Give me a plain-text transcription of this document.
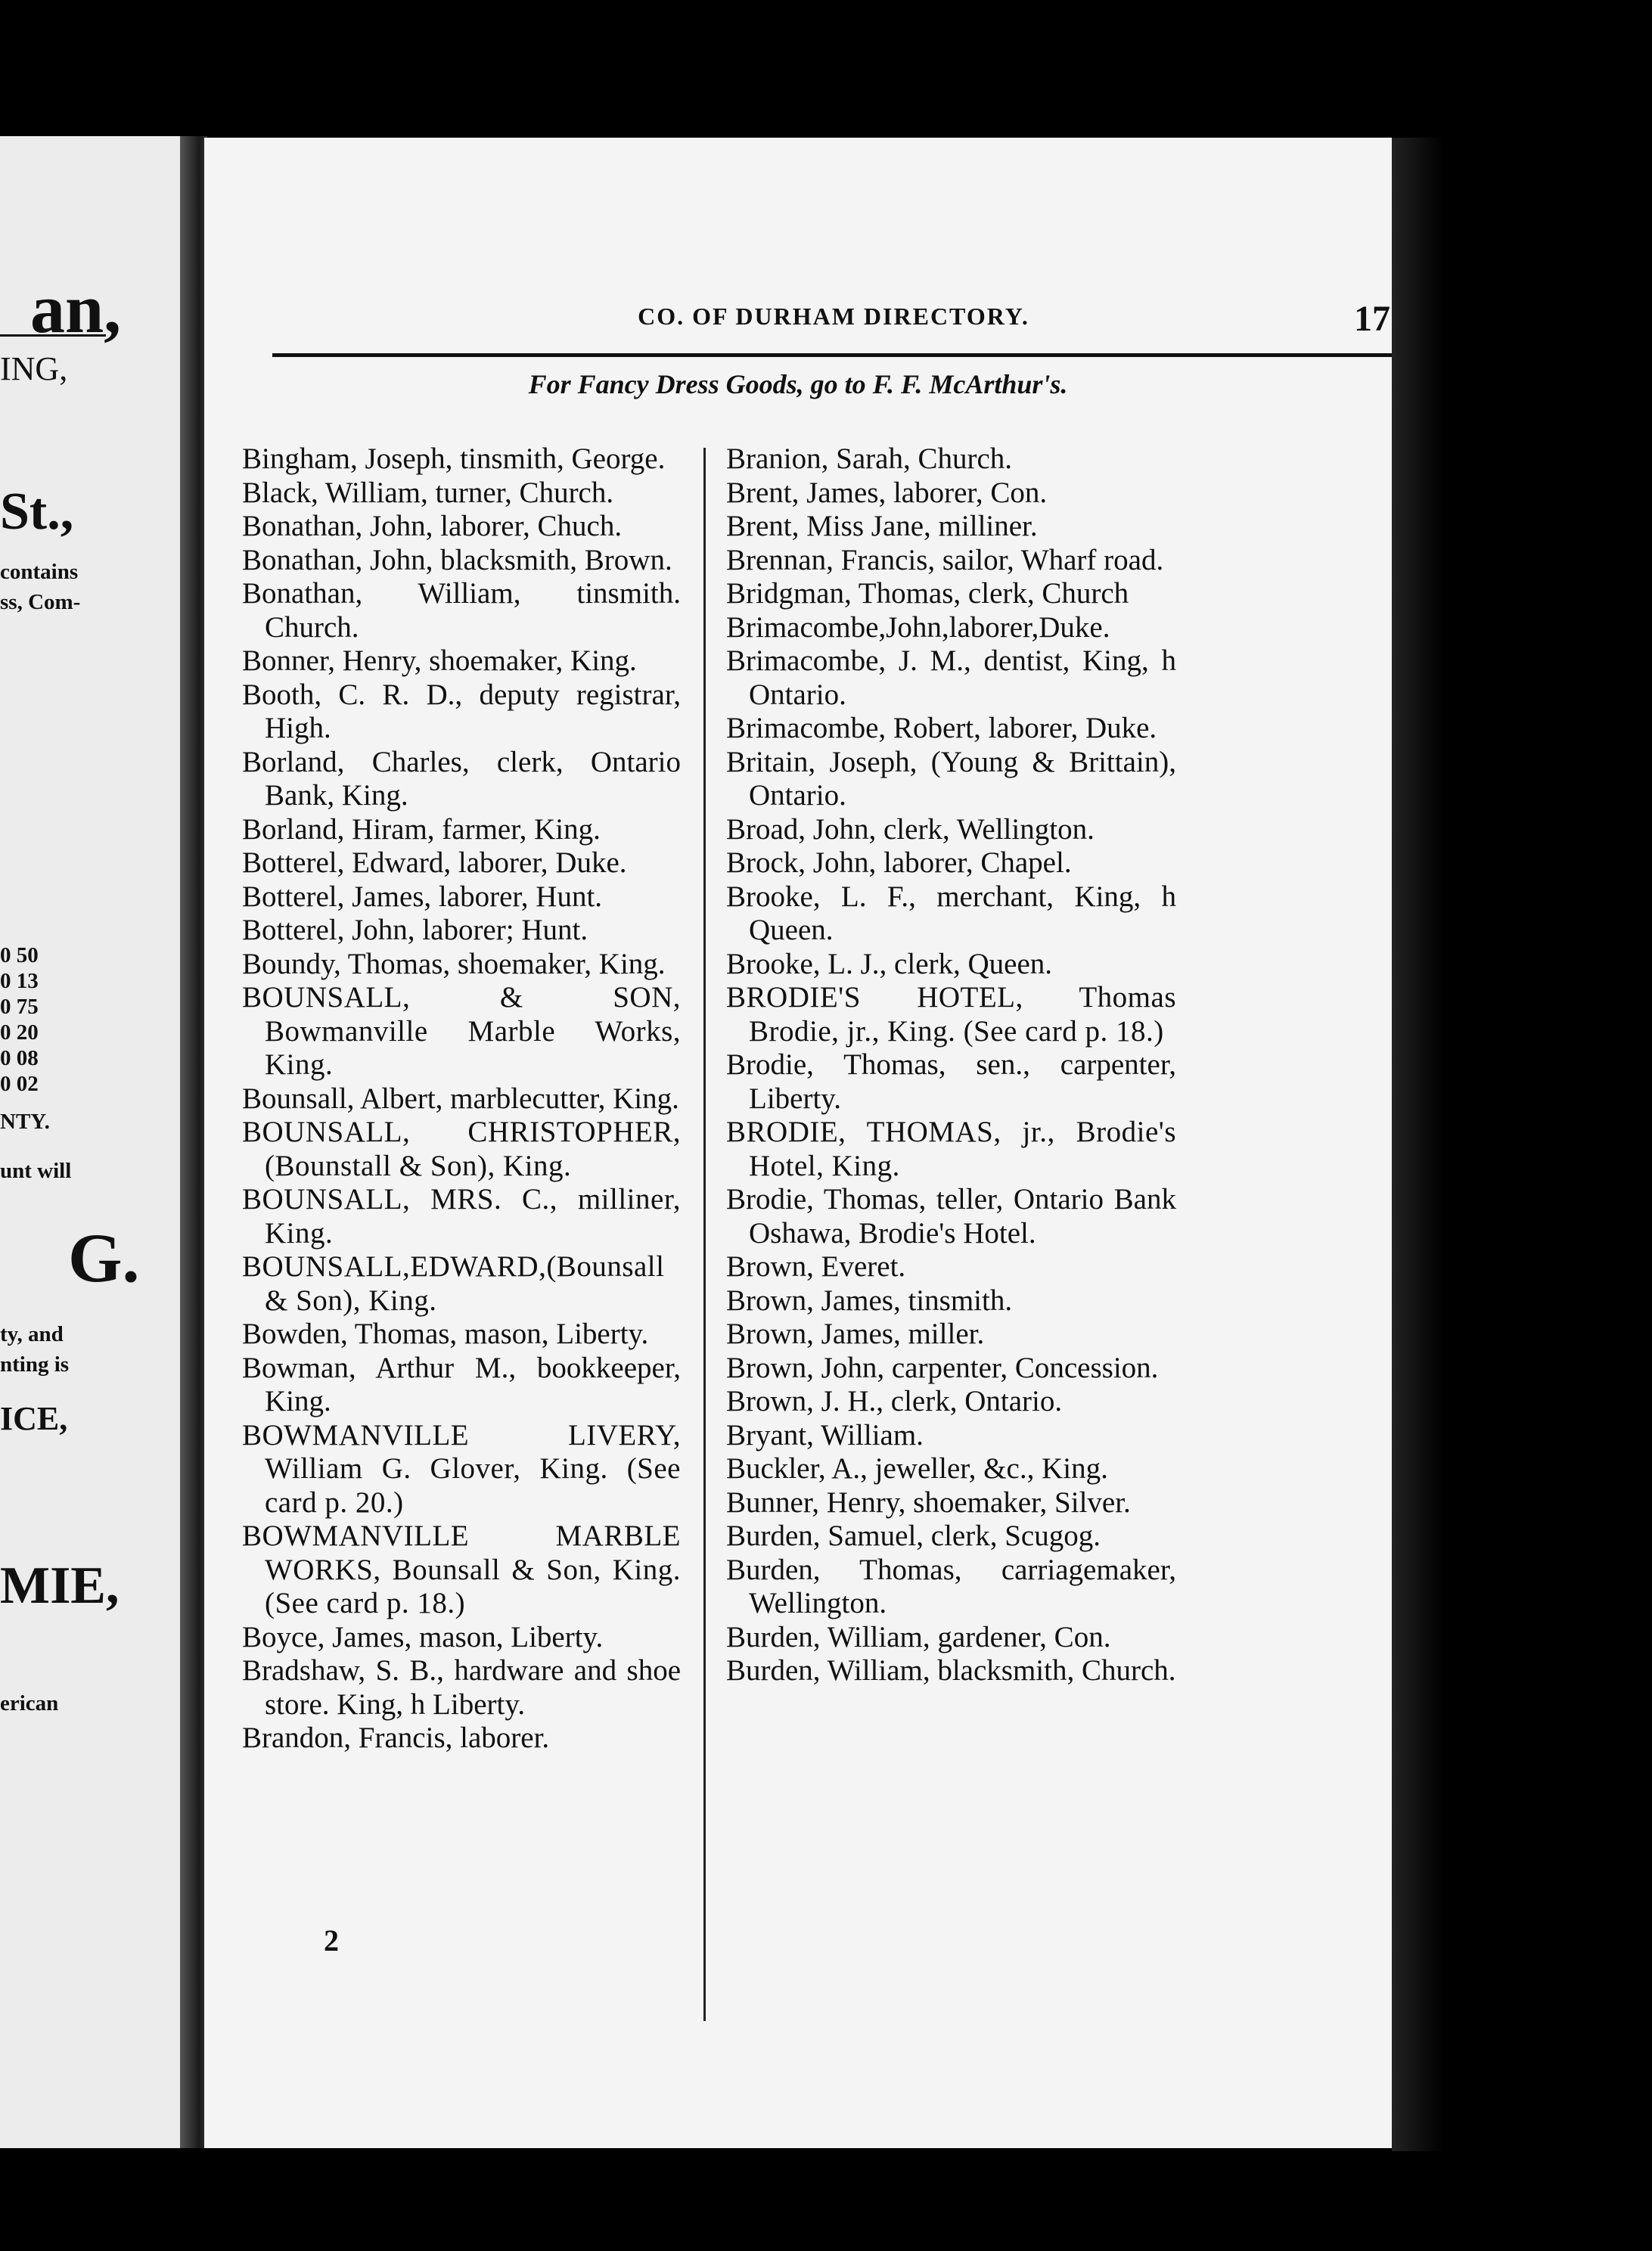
an,
ING,
St.,
contains
ss, Com-
0 50
0 13
0 75
0 20
0 08
0 02
NTY.
unt will
G.
ty, and
nting is
ICE,
MIE,
erican
CO. OF DURHAM DIRECTORY.	17
For Fancy Dress Goods, go to F. F. McArthur's.
Bingham, Joseph, tinsmith, George.
Black, William, turner, Church.
Bonathan, John, laborer, Chuch.
Bonathan, John, blacksmith, Brown.
Bonathan, William, tinsmith. Church.
Bonner, Henry, shoemaker, King.
Booth, C. R. D., deputy registrar, High.
Borland, Charles, clerk, Ontario Bank, King.
Borland, Hiram, farmer, King.
Botterel, Edward, laborer, Duke.
Botterel, James, laborer, Hunt.
Botterel, John, laborer; Hunt.
Boundy, Thomas, shoemaker, King.
BOUNSALL, & SON, Bowmanville Marble Works, King.
Bounsall, Albert, marblecutter, King.
BOUNSALL, CHRISTOPHER, (Bounstall & Son), King.
BOUNSALL, MRS. C., milliner, King.
BOUNSALL,EDWARD,(Bounsall & Son), King.
Bowden, Thomas, mason, Liberty.
Bowman, Arthur M., bookkeeper, King.
BOWMANVILLE LIVERY, William G. Glover, King. (See card p. 20.)
BOWMANVILLE MARBLE WORKS, Bounsall & Son, King. (See card p. 18.)
Boyce, James, mason, Liberty.
Bradshaw, S. B., hardware and shoe store. King, h Liberty.
Brandon, Francis, laborer.
Branion, Sarah, Church.
Brent, James, laborer, Con.
Brent, Miss Jane, milliner.
Brennan, Francis, sailor, Wharf road.
Bridgman, Thomas, clerk, Church
Brimacombe,John,laborer,Duke.
Brimacombe, J. M., dentist, King, h Ontario.
Brimacombe, Robert, laborer, Duke.
Britain, Joseph, (Young & Brittain), Ontario.
Broad, John, clerk, Wellington.
Brock, John, laborer, Chapel.
Brooke, L. F., merchant, King, h Queen.
Brooke, L. J., clerk, Queen.
BRODIE'S HOTEL, Thomas Brodie, jr., King. (See card p. 18.)
Brodie, Thomas, sen., carpenter, Liberty.
BRODIE, THOMAS, jr., Brodie's Hotel, King.
Brodie, Thomas, teller, Ontario Bank Oshawa, Brodie's Hotel.
Brown, Everet.
Brown, James, tinsmith.
Brown, James, miller.
Brown, John, carpenter, Concession.
Brown, J. H., clerk, Ontario.
Bryant, William.
Buckler, A., jeweller, &c., King.
Bunner, Henry, shoemaker, Silver.
Burden, Samuel, clerk, Scugog.
Burden, Thomas, carriagemaker, Wellington.
Burden, William, gardener, Con.
Burden, William, blacksmith, Church.
2
